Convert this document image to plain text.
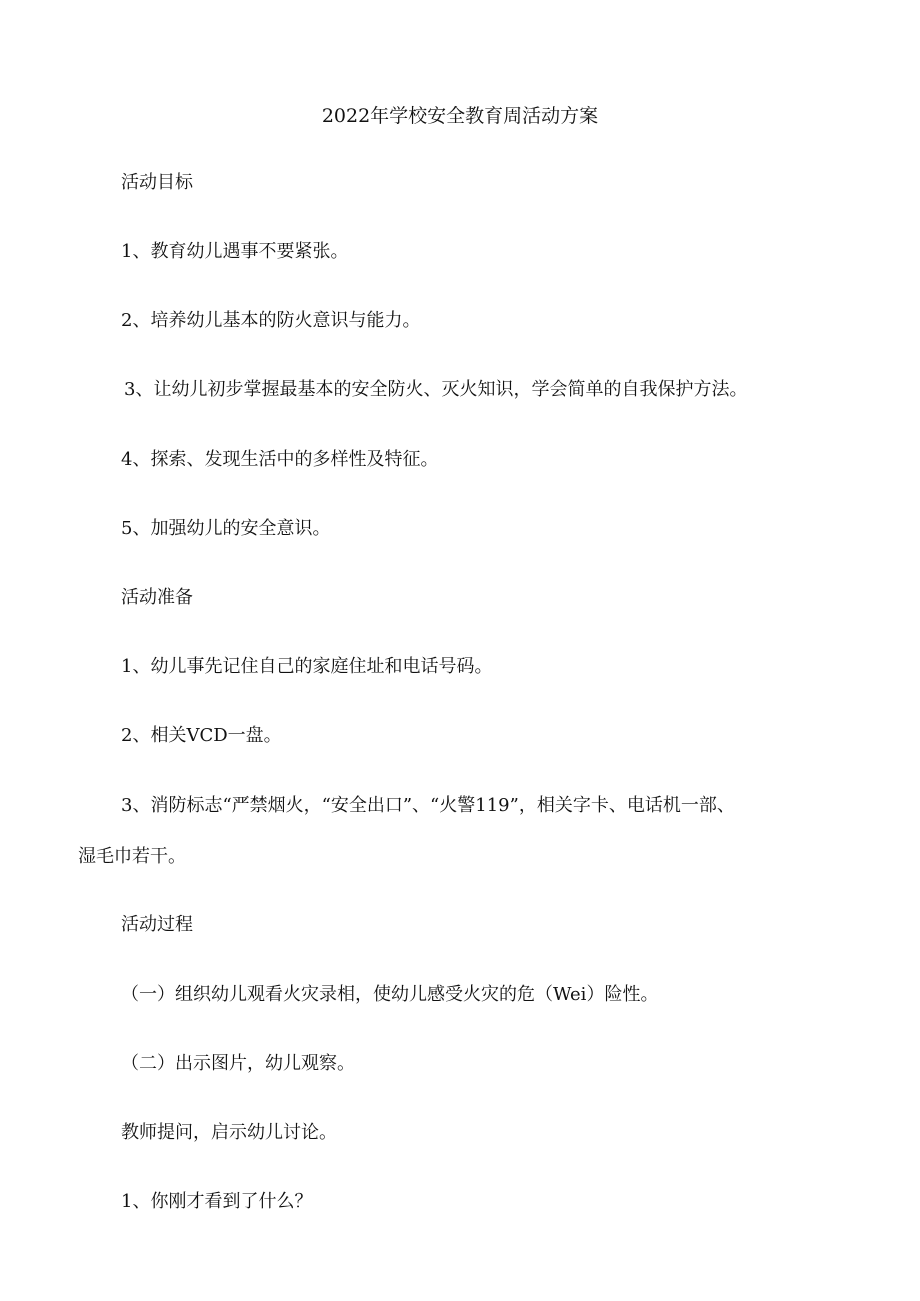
2022年学校安全教育周活动方案
活动目标
1、教育幼儿遇事不要紧张。
2、培养幼儿基本的防火意识与能力。
3、让幼儿初步掌握最基本的安全防火、灭火知识，学会简单的自我保护方法。
4、探索、发现生活中的多样性及特征。
5、加强幼儿的安全意识。
活动准备
1、幼儿事先记住自己的家庭住址和电话号码。
2、相关VCD一盘。
3、消防标志“严禁烟火，“安全出口”、“火警119”，相关字卡、电话机一部、
湿毛巾若干。
活动过程
（一）组织幼儿观看火灾录相，使幼儿感受火灾的危（Wei）险性。
（二）出示图片，幼儿观察。
教师提问，启示幼儿讨论。
1、你刚才看到了什么？
